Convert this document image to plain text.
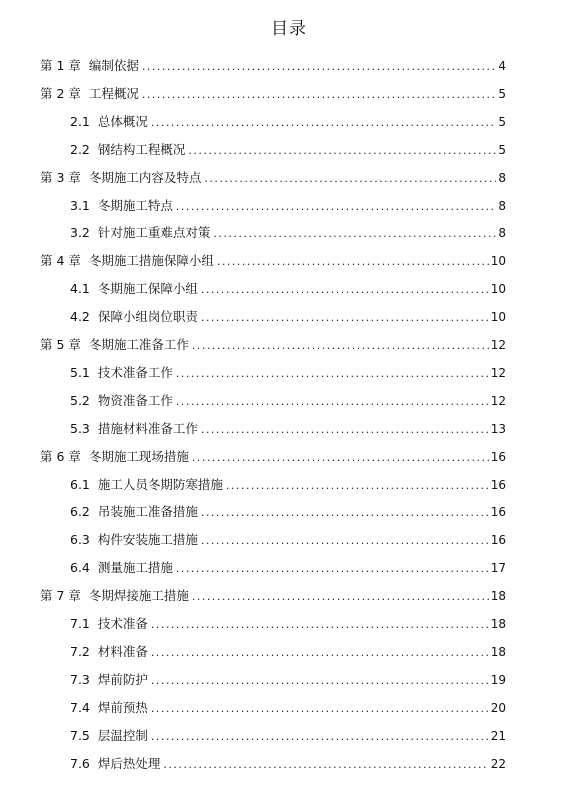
目录
第 1 章 编制依据 . . .	4
第 2 章 工程概况 . . .	5
2.1 总体概况 . . .	5
2.2 钢结构工程概况 . . .	5
第 3 章 冬期施工内容及特点 . . .	8
3.1 冬期施工特点 . . .	8
3.2 针对施工重难点对策 . . .	8
第 4 章 冬期施工措施保障小组 . . .	10
4.1 冬期施工保障小组 . . .	10
4.2 保障小组岗位职责 . . .	10
第 5 章 冬期施工准备工作 . . .	12
5.1 技术准备工作 . . .	12
5.2 物资准备工作 . . .	12
5.3 措施材料准备工作 . . .	13
第 6 章 冬期施工现场措施 . . .	16
6.1 施工人员冬期防寒措施 . . .	16
6.2 吊装施工准备措施 . . .	16
6.3 构件安装施工措施 . . .	16
6.4 测量施工措施 . . .	17
第 7 章 冬期焊接施工措施 . . .	18
7.1 技术准备 . . .	18
7.2 材料准备 . . .	18
7.3 焊前防护 . . .	19
7.4 焊前预热 . . .	20
7.5 层温控制 . . .	21
7.6 焊后热处理 . . .	22
